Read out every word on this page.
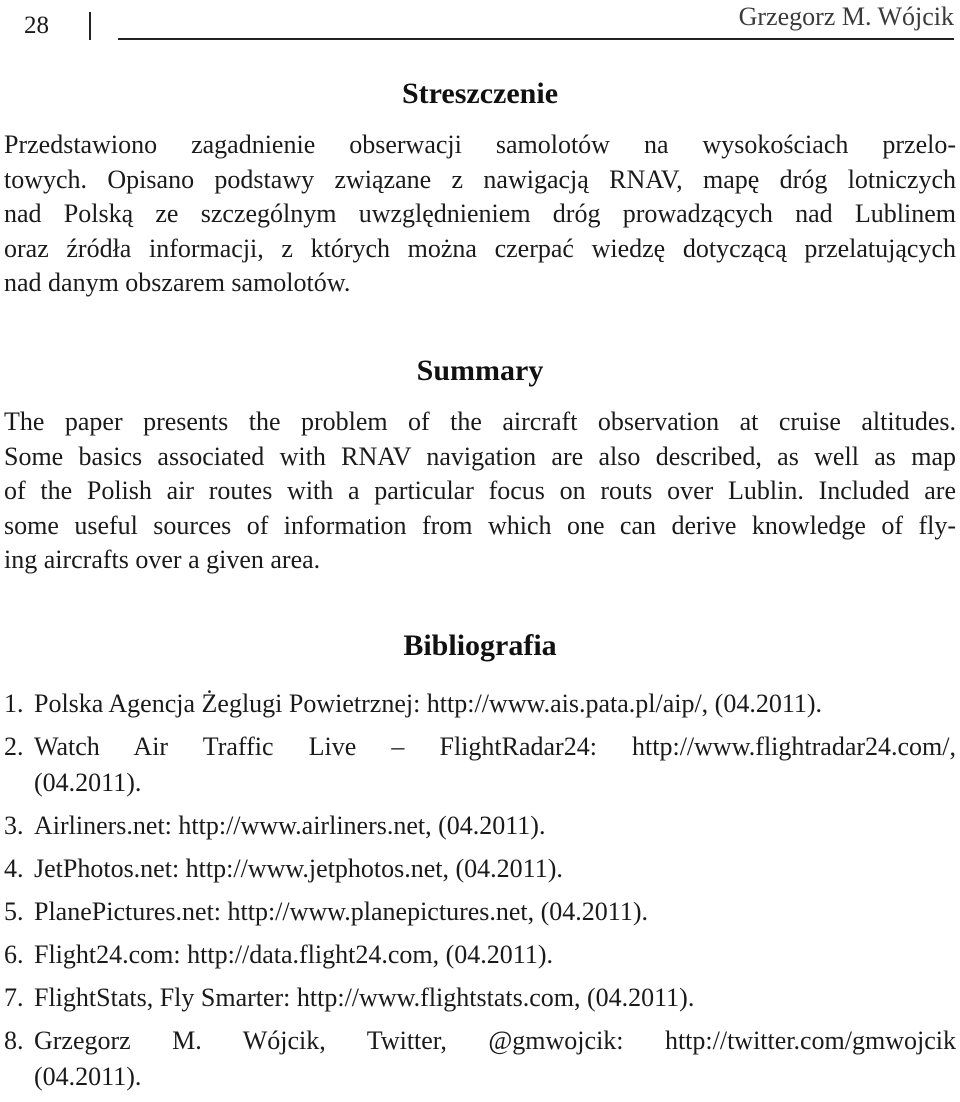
28	Grzegorz M. Wójcik
Streszczenie
Przedstawiono zagadnienie obserwacji samolotów na wysokościach przelo-
towych. Opisano podstawy związane z nawigacją RNAV, mapę dróg lotniczych
nad Polską ze szczególnym uwzględnieniem dróg prowadzących nad Lublinem
oraz źródła informacji, z których można czerpać wiedzę dotyczącą przelatujących
nad danym obszarem samolotów.
Summary
The paper presents the problem of the aircraft observation at cruise altitudes.
Some basics associated with RNAV navigation are also described, as well as map
of the Polish air routes with a particular focus on routs over Lublin. Included are
some useful sources of information from which one can derive knowledge of fly-
ing aircrafts over a given area.
Bibliografia
1. Polska Agencja Żeglugi Powietrznej: http://www.ais.pata.pl/aip/, (04.2011).
2. Watch Air Traffic Live – FlightRadar24: http://www.flightradar24.com/,
(04.2011).
3. Airliners.net: http://www.airliners.net, (04.2011).
4. JetPhotos.net: http://www.jetphotos.net, (04.2011).
5. PlanePictures.net: http://www.planepictures.net, (04.2011).
6. Flight24.com: http://data.flight24.com, (04.2011).
7. FlightStats, Fly Smarter: http://www.flightstats.com, (04.2011).
8. Grzegorz M. Wójcik, Twitter, @gmwojcik: http://twitter.com/gmwojcik
(04.2011).
